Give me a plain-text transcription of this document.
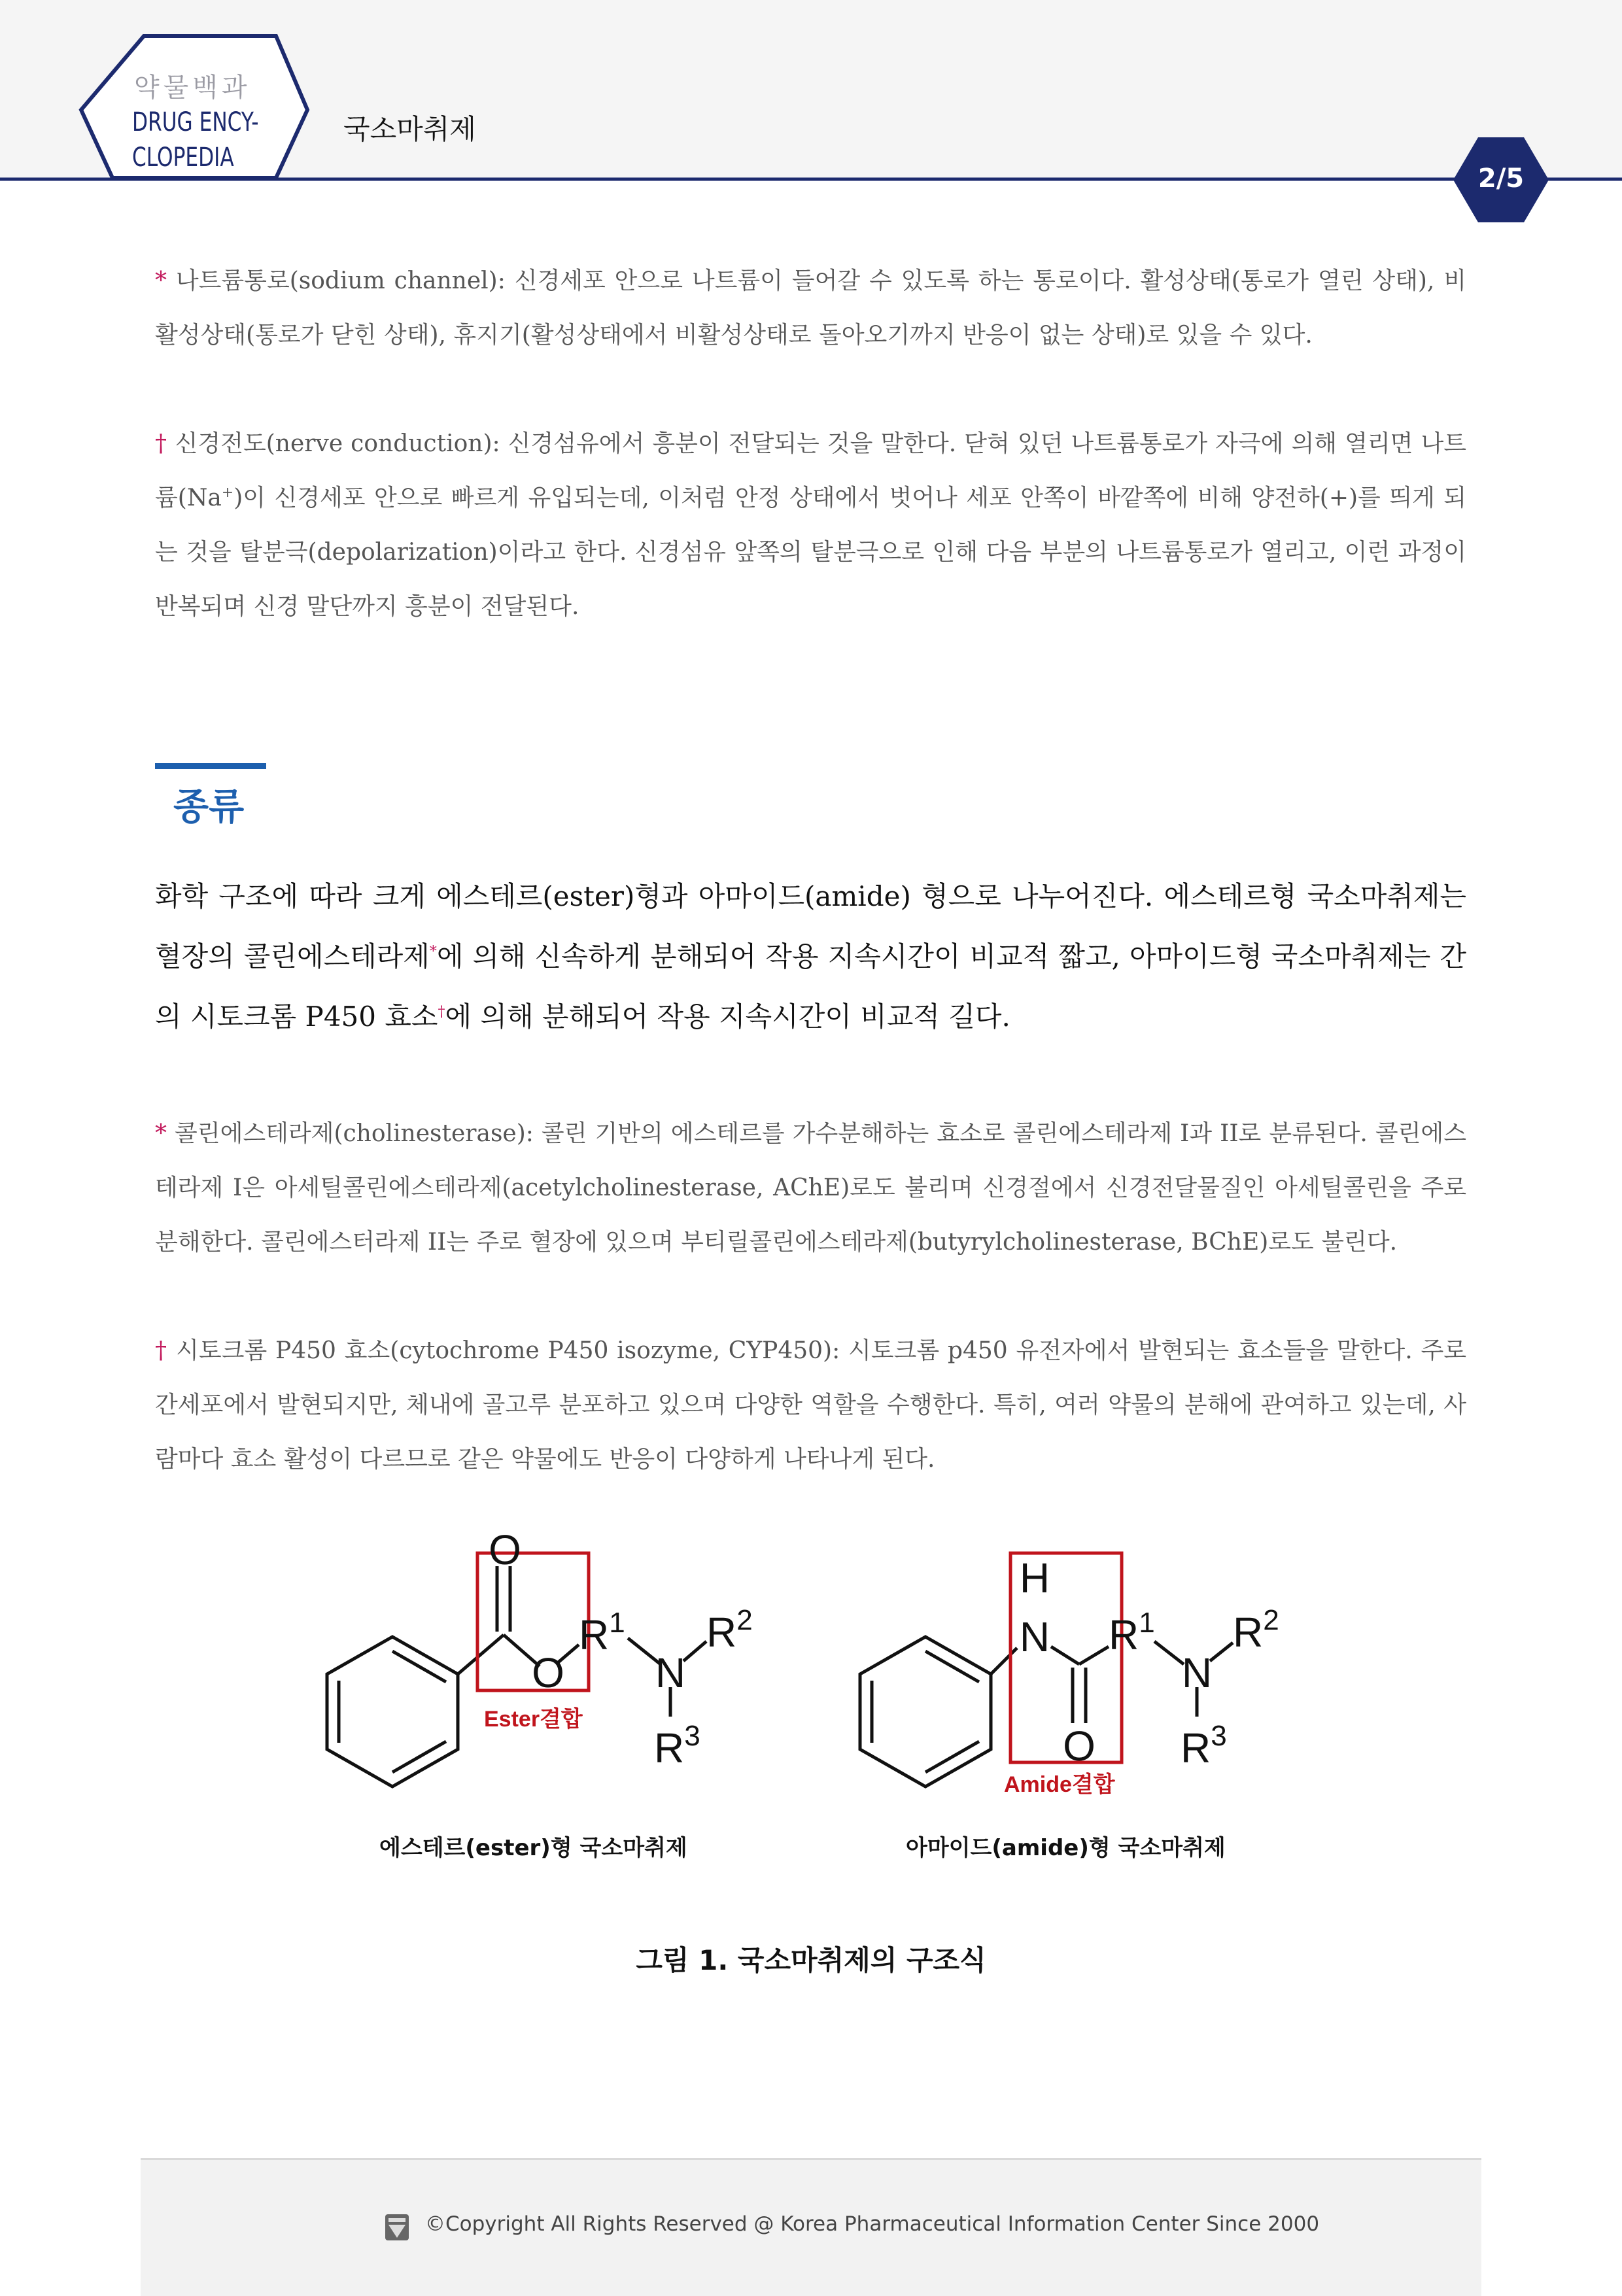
약물백과
DRUG ENCY-
CLOPEDIA
국소마취제
2/5
* 나트륨통로(sodium channel): 신경세포 안으로 나트륨이 들어갈 수 있도록 하는 통로이다. 활성상태(통로가 열린 상태), 비활성상태(통로가 닫힌 상태), 휴지기(활성상태에서 비활성상태로 돌아오기까지 반응이 없는 상태)로 있을 수 있다.
† 신경전도(nerve conduction): 신경섬유에서 흥분이 전달되는 것을 말한다. 닫혀 있던 나트륨통로가 자극에 의해 열리면 나트륨(Na+)이 신경세포 안으로 빠르게 유입되는데, 이처럼 안정 상태에서 벗어나 세포 안쪽이 바깥쪽에 비해 양전하(+)를 띄게 되는 것을 탈분극(depolarization)이라고 한다. 신경섬유 앞쪽의 탈분극으로 인해 다음 부분의 나트륨통로가 열리고, 이런 과정이 반복되며 신경 말단까지 흥분이 전달된다.
종류
화학 구조에 따라 크게 에스테르(ester)형과 아마이드(amide) 형으로 나누어진다. 에스테르형 국소마취제는 혈장의 콜린에스테라제*에 의해 신속하게 분해되어 작용 지속시간이 비교적 짧고, 아마이드형 국소마취제는 간의 시토크롬 P450 효소†에 의해 분해되어 작용 지속시간이 비교적 길다.
* 콜린에스테라제(cholinesterase): 콜린 기반의 에스테르를 가수분해하는 효소로 콜린에스테라제 I과 II로 분류된다. 콜린에스테라제 I은 아세틸콜린에스테라제(acetylcholinesterase, AChE)로도 불리며 신경절에서 신경전달물질인 아세틸콜린을 주로 분해한다. 콜린에스터라제 II는 주로 혈장에 있으며 부티릴콜린에스테라제(butyrylcholinesterase, BChE)로도 불린다.
† 시토크롬 P450 효소(cytochrome P450 isozyme, CYP450): 시토크롬 p450 유전자에서 발현되는 효소들을 말한다. 주로 간세포에서 발현되지만, 체내에 골고루 분포하고 있으며 다양한 역할을 수행한다. 특히, 여러 약물의 분해에 관여하고 있는데, 사람마다 효소 활성이 다르므로 같은 약물에도 반응이 다양하게 나타나게 된다.
O
O N
$R^1$ $R^2$
$R^3$
Ester결합
H
N
O
N
$R^1$ $R^2$
$R^3$
Amide결합
에스테르(ester)형 국소마취제	아마이드(amide)형 국소마취제
그림 1. 국소마취제의 구조식
©Copyright All Rights Reserved @ Korea Pharmaceutical Information Center Since 2000
